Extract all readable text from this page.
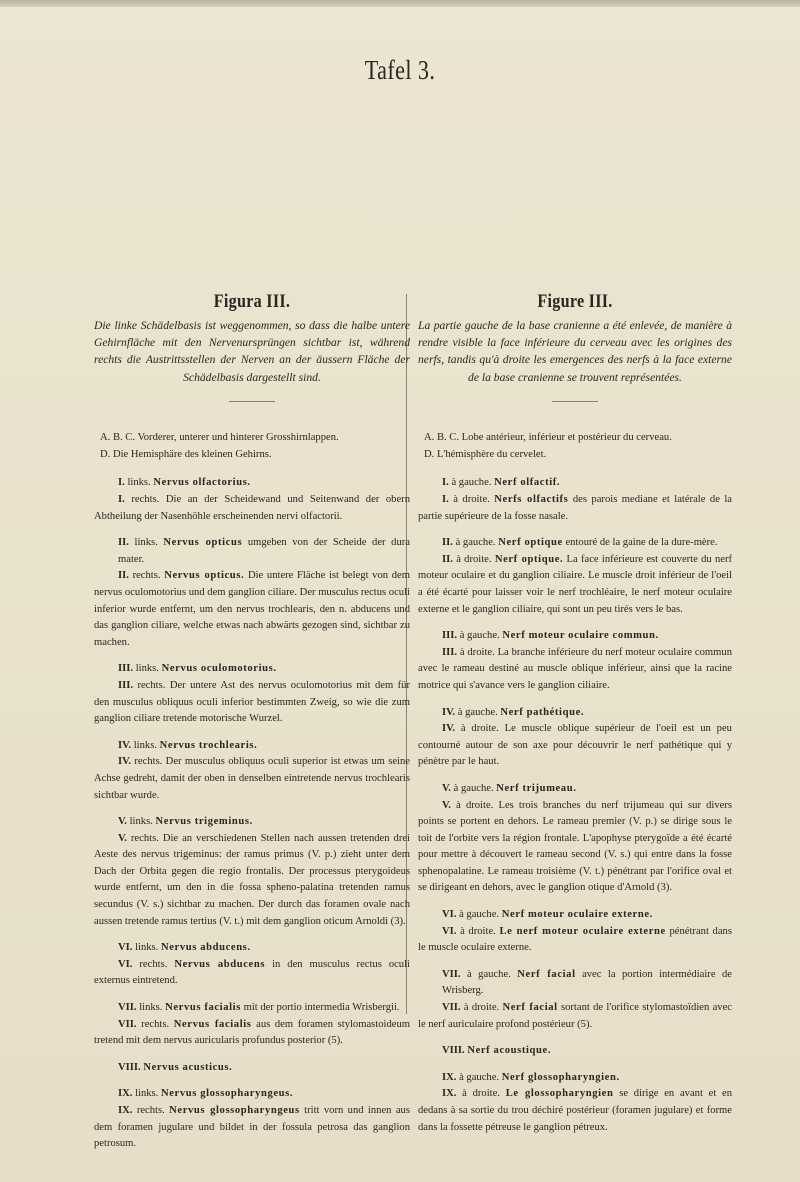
Tafel 3.
Figura III.

Die linke Schädelbasis ist weggenommen, so dass die halbe untere Gehirnfläche mit den Nervenursprüngen sichtbar ist, während rechts die Austrittsstellen der Nerven an der äussern Fläche der Schädelbasis dargestellt sind.

A. B. C. Vorderer, unterer und hinterer Grosshirnlappen.
D. Die Hemisphäre des kleinen Gehirns.
I. links. Nervus olfactorius.
I. rechts. Die an der Scheidewand und Seitenwand der obern Abtheilung der Nasenhöhle erscheinenden nervi olfactorii.
II. links. Nervus opticus umgeben von der Scheide der dura mater.
II. rechts. Nervus opticus. Die untere Fläche ist belegt von dem nervus oculomotorius und dem ganglion ciliare. Der musculus rectus oculi inferior wurde entfernt, um den nervus trochlearis, den n. abducens und das ganglion ciliare, welche etwas nach abwärts gezogen sind, sichtbar zu machen.
III. links. Nervus oculomotorius.
III. rechts. Der untere Ast des nervus oculomotorius mit dem für den musculus obliquus oculi inferior bestimmten Zweig, so wie die zum ganglion ciliare tretende motorische Wurzel.
IV. links. Nervus trochlearis.
IV. rechts. Der musculus obliquus oculi superior ist etwas um seine Achse gedreht, damit der oben in denselben eintretende nervus trochlearis sichtbar wurde.
V. links. Nervus trigeminus.
V. rechts. Die an verschiedenen Stellen nach aussen tretenden drei Aeste des nervus trigeminus: der ramus primus (V. p.) zieht unter dem Dach der Orbita gegen die regio frontalis. Der processus pterygoideus wurde entfernt, um den in die fossa spheno-palatina tretenden ramus secundus (V. s.) sichtbar zu machen. Der durch das foramen ovale nach aussen tretende ramus tertius (V. t.) mit dem ganglion oticum Arnoldi (3).
VI. links. Nervus abducens.
VI. rechts. Nervus abducens in den musculus rectus oculi externus eintretend.
VII. links. Nervus facialis mit der portio intermedia Wrisbergii.
VII. rechts. Nervus facialis aus dem foramen stylomastoideum tretend mit dem nervus auricularis profundus posterior (5).
VIII. Nervus acusticus.
IX. links. Nervus glossopharyngeus.
IX. rechts. Nervus glossopharyngeus tritt vorn und innen aus dem foramen jugulare und bildet in der fossula petrosa das ganglion petrosum.
Figure III.

La partie gauche de la base cranienne a été enlevée, de manière à rendre visible la face inférieure du cerveau avec les origines des nerfs, tandis qu'à droite les emergences des nerfs à la face externe de la base cranienne se trouvent représentées.

A. B. C. Lobe antérieur, inférieur et postérieur du cerveau.
D. L'hémisphère du cervelet.
I. à gauche. Nerf olfactif.
I. à droite. Nerfs olfactifs des parois mediane et latérale de la partie supérieure de la fosse nasale.
II. à gauche. Nerf optique entouré de la gaine de la dure-mère.
II. à droite. Nerf optique. La face inférieure est couverte du nerf moteur oculaire et du ganglion ciliaire. Le muscle droit inférieur de l'oeil a été écarté pour laisser voir le nerf trochléaire, le nerf moteur oculaire externe et le ganglion ciliaire, qui sont un peu tirés vers le bas.
III. à gauche. Nerf moteur oculaire commun.
III. à droite. La branche inférieure du nerf moteur oculaire commun avec le rameau destiné au muscle oblique inférieur, ainsi que la racine motrice qui s'avance vers le ganglion ciliaire.
IV. à gauche. Nerf pathétique.
IV. à droite. Le muscle oblique supérieur de l'oeil est un peu contourné autour de son axe pour découvrir le nerf pathétique qui y pénètre par le haut.
V. à gauche. Nerf trijumeau.
V. à droite. Les trois branches du nerf trijumeau qui sur divers points se portent en dehors. Le rameau premier (V. p.) se dirige sous le toit de l'orbite vers la région frontale. L'apophyse pterygoïde a été écarté pour mettre à découvert le rameau second (V. s.) qui entre dans la fosse sphenopalatine. Le rameau troisième (V. t.) pénétrant par l'orifice oval et se dirigeant en dehors, avec le ganglion otique d'Arnold (3).
VI. à gauche. Nerf moteur oculaire externe.
VI. à droite. Le nerf moteur oculaire externe pénétrant dans le muscle oculaire externe.
VII. à gauche. Nerf facial avec la portion intermédiaire de Wrisberg.
VII. à droite. Nerf facial sortant de l'orifice stylomastoïdien avec le nerf auriculaire profond postérieur (5).
VIII. Nerf acoustique.
IX. à gauche. Nerf glossopharyngien.
IX. à droite. Le glossopharyngien se dirige en avant et en dedans à sa sortie du trou déchiré postérieur (foramen jugulare) et forme dans la fossette pétreuse le ganglion pétreux.
